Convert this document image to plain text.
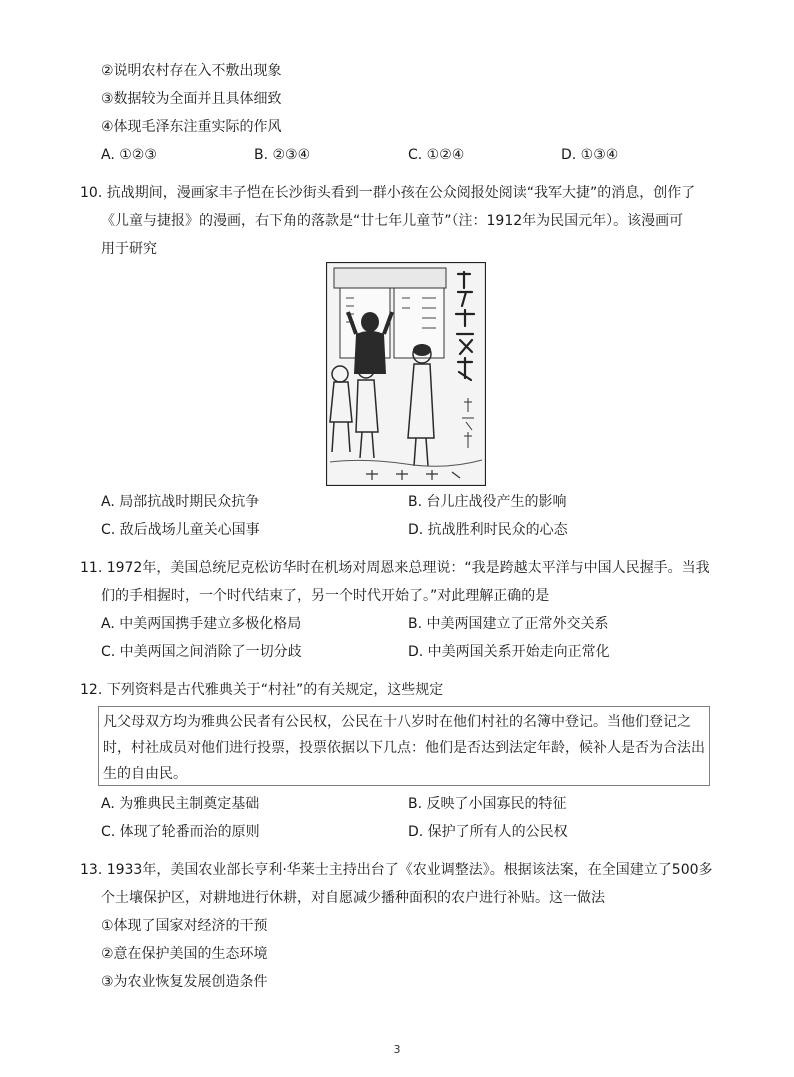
②说明农村存在入不敷出现象
③数据较为全面并且具体细致
④体现毛泽东注重实际的作风
A. ①②③	B. ②③④	C. ①②④	D. ①③④
10. 抗战期间，漫画家丰子恺在长沙街头看到一群小孩在公众阅报处阅读“我军大捷”的消息，创作了
《儿童与捷报》的漫画，右下角的落款是“廿七年儿童节”（注：1912年为民国元年）。该漫画可
用于研究
A. 局部抗战时期民众抗争	B. 台儿庄战役产生的影响
C. 敌后战场儿童关心国事	D. 抗战胜利时民众的心态
11. 1972年，美国总统尼克松访华时在机场对周恩来总理说：“我是跨越太平洋与中国人民握手。当我
们的手相握时，一个时代结束了，另一个时代开始了。”对此理解正确的是
A. 中美两国携手建立多极化格局	B. 中美两国建立了正常外交关系
C. 中美两国之间消除了一切分歧	D. 中美两国关系开始走向正常化
12. 下列资料是古代雅典关于“村社”的有关规定，这些规定
凡父母双方均为雅典公民者有公民权，公民在十八岁时在他们村社的名簿中登记。当他们登记之
时，村社成员对他们进行投票，投票依据以下几点：他们是否达到法定年龄，候补人是否为合法出
生的自由民。
A. 为雅典民主制奠定基础	B. 反映了小国寡民的特征
C. 体现了轮番而治的原则	D. 保护了所有人的公民权
13. 1933年，美国农业部长亨利·华莱士主持出台了《农业调整法》。根据该法案，在全国建立了500多
个土壤保护区，对耕地进行休耕，对自愿减少播种面积的农户进行补贴。这一做法
①体现了国家对经济的干预
②意在保护美国的生态环境
③为农业恢复发展创造条件
3
